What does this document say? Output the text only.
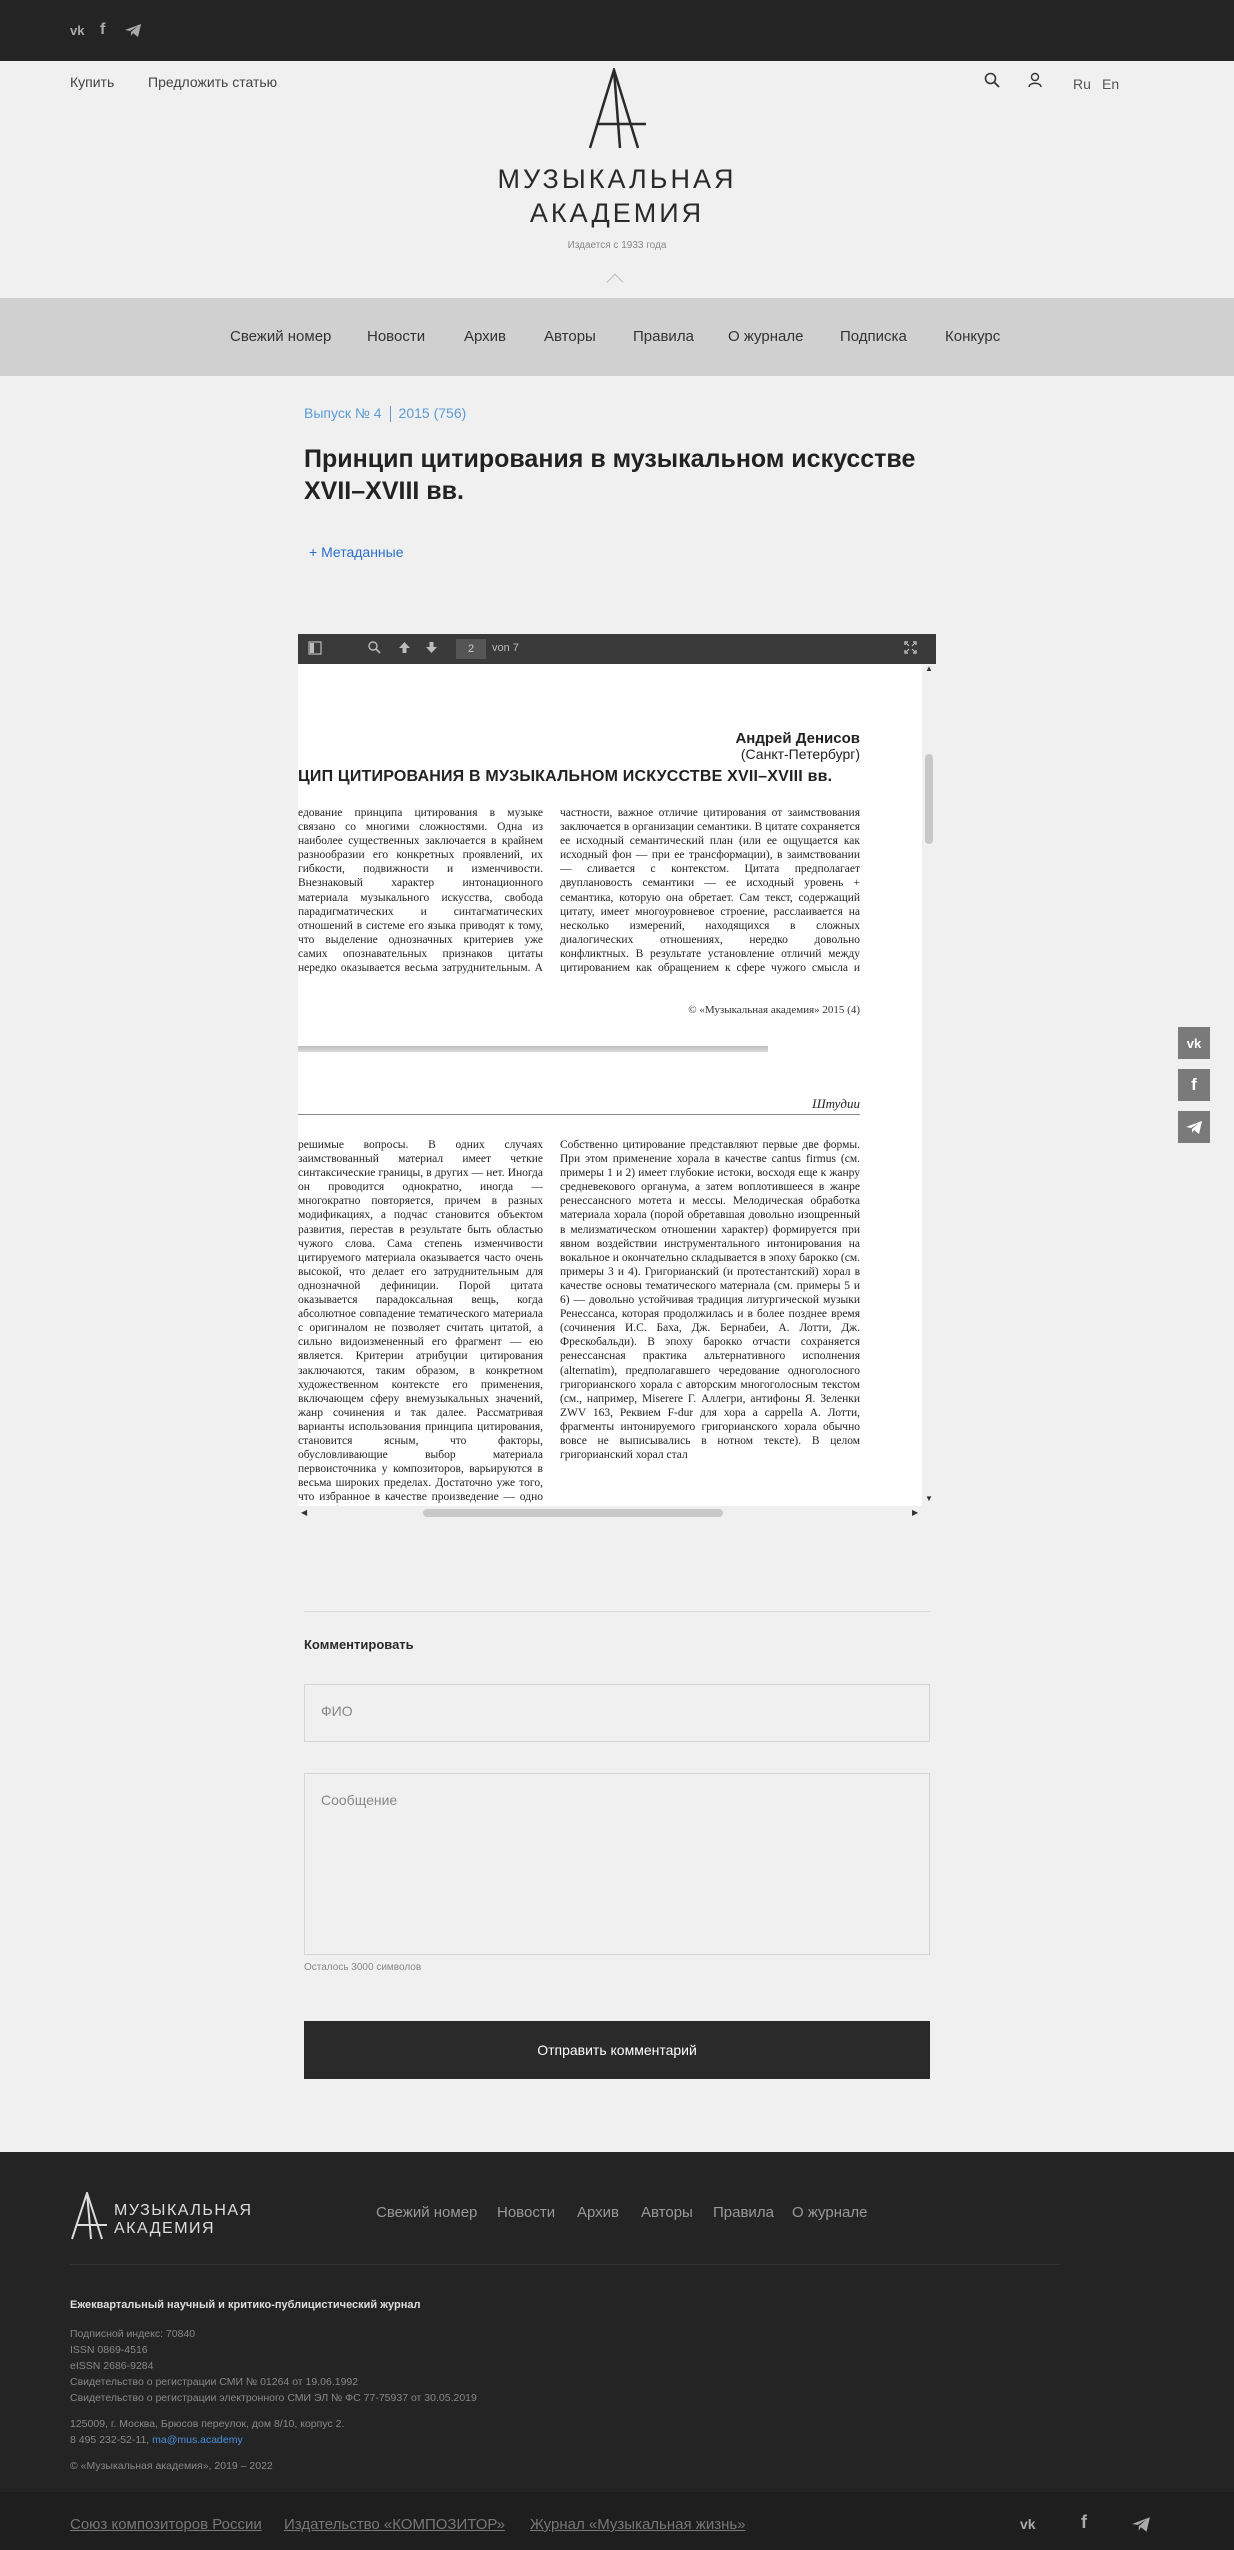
vk f
Купить Предложить статью
МУЗЫКАЛЬНАЯ
АКАДЕМИЯ
Издается с 1933 года
Ru En
Свежий номер Новости	Архив	Авторы Правила О журнале Подписка	Конкурс
Выпуск № 4 2015 (756)
Принцип цитирования в музыкальном искусстве XVII–XVIII вв.
+ Метаданные
2	von 7
Андрей Денисов
(Санкт-Петербург)
ЦИП ЦИТИРОВАНИЯ В МУЗЫКАЛЬНОМ ИСКУССТВЕ XVII–XVIII вв.
едование принципа цитирования в музыке связано со многими сложностями. Одна из наиболее существенных заключается в крайнем разнообразии его конкретных проявлений, их гибкости, подвижности и изменчивости. Внезнаковый характер интонационного материала музыкального искусства, свобода парадигматических и синтагматических отношений в системе его языка приводят к тому, что выделение однозначных критериев уже самих опознавательных признаков цитаты нередко оказывается весьма затруднительным. А
частности, важное отличие цитирования от заимствования заключается в организации семантики. В цитате сохраняется ее исходный семантический план (или ее ощущается как исходный фон — при ее трансформации), в заимствовании — сливается с контекстом. Цитата предполагает двуплановость семантики — ее исходный уровень + семантика, которую она обретает. Сам текст, содержащий цитату, имеет многоуровневое строение, расслаивается на несколько измерений, находящихся в сложных диалогических отношениях, нередко довольно конфликтных. В результате установление отличий между цитированием как обращением к сфере чужого смысла и
© «Музыкальная академия» 2015 (4)
Штудии
решимые вопросы. В одних случаях заимствованный материал имеет четкие синтаксические границы, в других — нет. Иногда он проводится однократно, иногда — многократно повторяется, причем в разных модификациях, а подчас становится объектом развития, перестав в результате быть облаcтью чужого слова. Сама степень изменчивости цитируемого материала оказывается часто очень высокой, что делает его затруднительным для однозначной дефиниции. Порой цитата оказывается парадоксальная вещь, когда абсолютное совпадение тематического материала с оригиналом не позволяет считать цитатой, а сильно видоизмененный его фрагмент — ею является. Критерии атрибуции цитирования заключаются, таким образом, в конкретном художественном контексте его применения, включающем сферу внемузыкальных значений, жанр сочинения и так далее. Рассматривая варианты использования принципа цитирования, становится ясным, что факторы, обусловливающие выбор материала первоисточника у композиторов, варьируются в весьма широких пределах. Достаточно уже того, что избранное в качестве произведение — одно
Собственно цитирование представляют первые две формы. При этом применение хорала в качестве cantus firmus (см. примеры 1 и 2) имеет глубокие истоки, восходя еще к жанру средневекового органума, а затем воплотившееся в жанре ренессансного мотета и мессы. Мелодическая обработка материала хорала (порой обретавшая довольно изощренный в мелизматическом отношении характер) формируется при явном воздействии инструментального интонирования на вокальное и окончательно складывается в эпоху барокко (см. примеры 3 и 4). Григорианский (и протестантский) хорал в качестве основы тематического материала (см. примеры 5 и 6) — довольно устойчивая традиция литургической музыки Ренессанса, которая продолжилась и в более позднее время (сочинения И.С. Баха, Дж. Бернабеи, А. Лотти, Дж. Фрескобальди). В эпоху барокко отчасти сохраняется ренессансная практика альтернативного исполнения (alternatim), предполагавшего чередование одноголосного григорианского хорала с авторским многоголосным текстом (см., например, Miserere Г. Аллегри, антифоны Я. Зеленки ZWV 163, Реквием F-dur для хора a cappella А. Лотти, фрагменты интонируемого григорианского хорала обычно вовсе не выписывались в нотном тексте). В целом григорианский хорал стал
▲
▼
◀	▶
vk
f
Комментировать
ФИО
Сообщение
Осталось 3000 символов
Отправить комментарий
МУЗЫКАЛЬНАЯ
АКАДЕМИЯ
Свежий номер Новости Архив Авторы Правила О журнале
Ежеквартальный научный и критико-публицистический журнал
Подписной индекс: 70840
ISSN 0869-4516
eISSN 2686-9284
Свидетельство о регистрации СМИ № 01264 от 19.06.1992
Свидетельство о регистрации электронного СМИ ЭЛ № ФС 77-75937 от 30.05.2019
125009, г. Москва, Брюсов переулок, дом 8/10, корпус 2.
8 495 232-52-11, ma@mus.academy
© «Музыкальная академия», 2019 – 2022
Союз композиторов России Издательство «КОМПОЗИТОР» Журнал «Музыкальная жизнь»	vk	f
